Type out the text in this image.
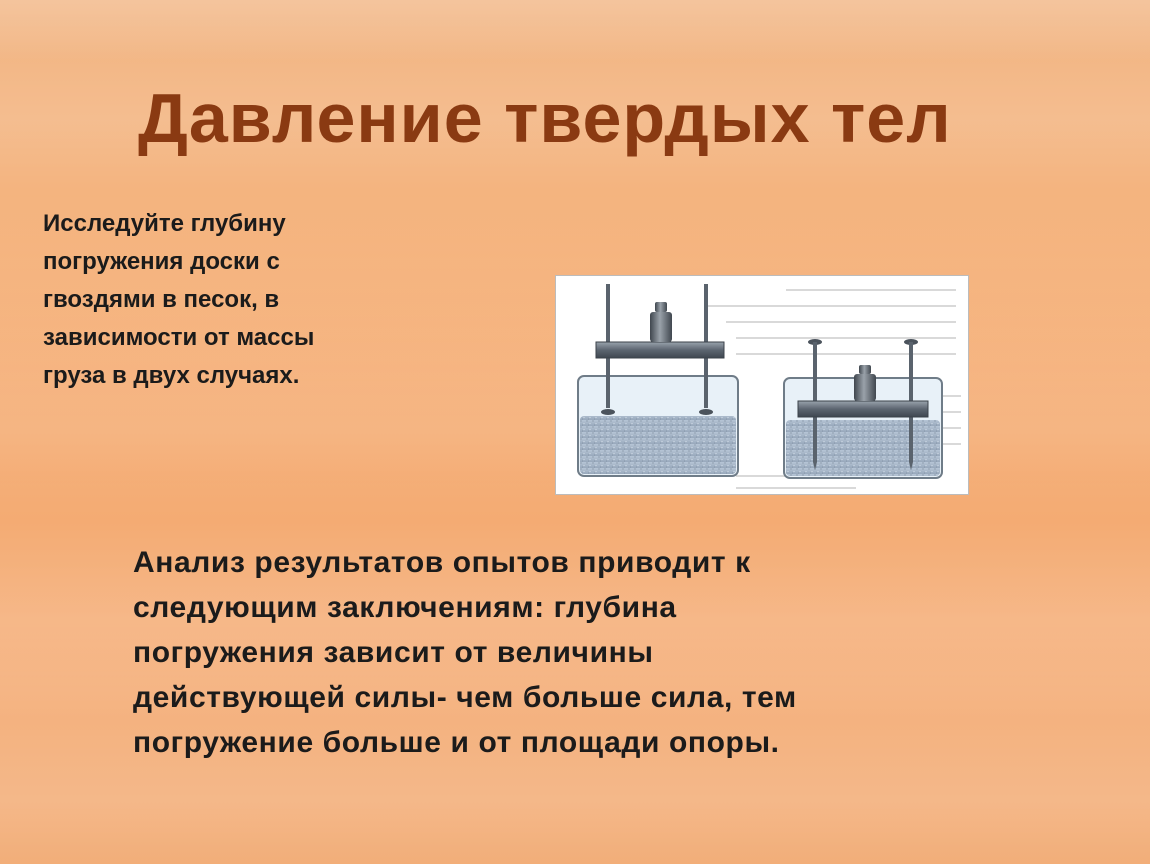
Давление твердых тел
Исследуйте глубину
погружения доски с
гвоздями в песок, в
зависимости от массы
груза в двух случаях.
Анализ результатов опытов приводит к
следующим заключениям: глубина
погружения зависит от величины
действующей силы- чем больше сила, тем
погружение больше и от площади опоры.
